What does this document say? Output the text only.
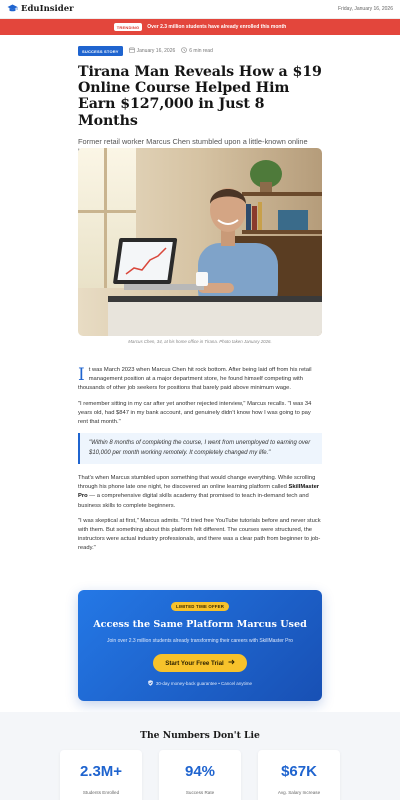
EduInsider	Friday, January 16, 2026
TRENDING	Over 2.3 million students have already enrolled this month
SUCCESS STORY	January 16, 2026	6 min read
Tirana Man Reveals How a $19 Online Course Helped Him Earn $127,000 in Just 8 Months

Former retail worker Marcus Chen stumbled upon a little-known online

Marcus Chen, 34, at his home office in Tirana. Photo taken January 2026.

It was March 2023 when Marcus Chen hit rock bottom. After being laid off from his retail management position at a major department store, he found himself competing with thousands of other job seekers for positions that barely paid above minimum wage.

"I remember sitting in my car after yet another rejected interview," Marcus recalls. "I was 34 years old, had $847 in my bank account, and genuinely didn't know how I was going to pay rent that month."

"Within 8 months of completing the course, I went from unemployed to earning over $10,000 per month working remotely. It completely changed my life."

That's when Marcus stumbled upon something that would change everything. While scrolling through his phone late one night, he discovered an online learning platform called SkillMaster Pro — a comprehensive digital skills academy that promised to teach in-demand tech and business skills to complete beginners.

"I was skeptical at first," Marcus admits. "I'd tried free YouTube tutorials before and never stuck with them. But something about this platform felt different. The courses were structured, the instructors were actual industry professionals, and there was a clear path from beginner to job-ready."

LIMITED TIME OFFER
Access the Same Platform Marcus Used
Join over 2.3 million students already transforming their careers with SkillMaster Pro
Start Your Free Trial
30-day money-back guarantee • Cancel anytime
The Numbers Don't Lie
2.3M+
Students Enrolled
94%
Success Rate
$67K
Avg. Salary Increase
